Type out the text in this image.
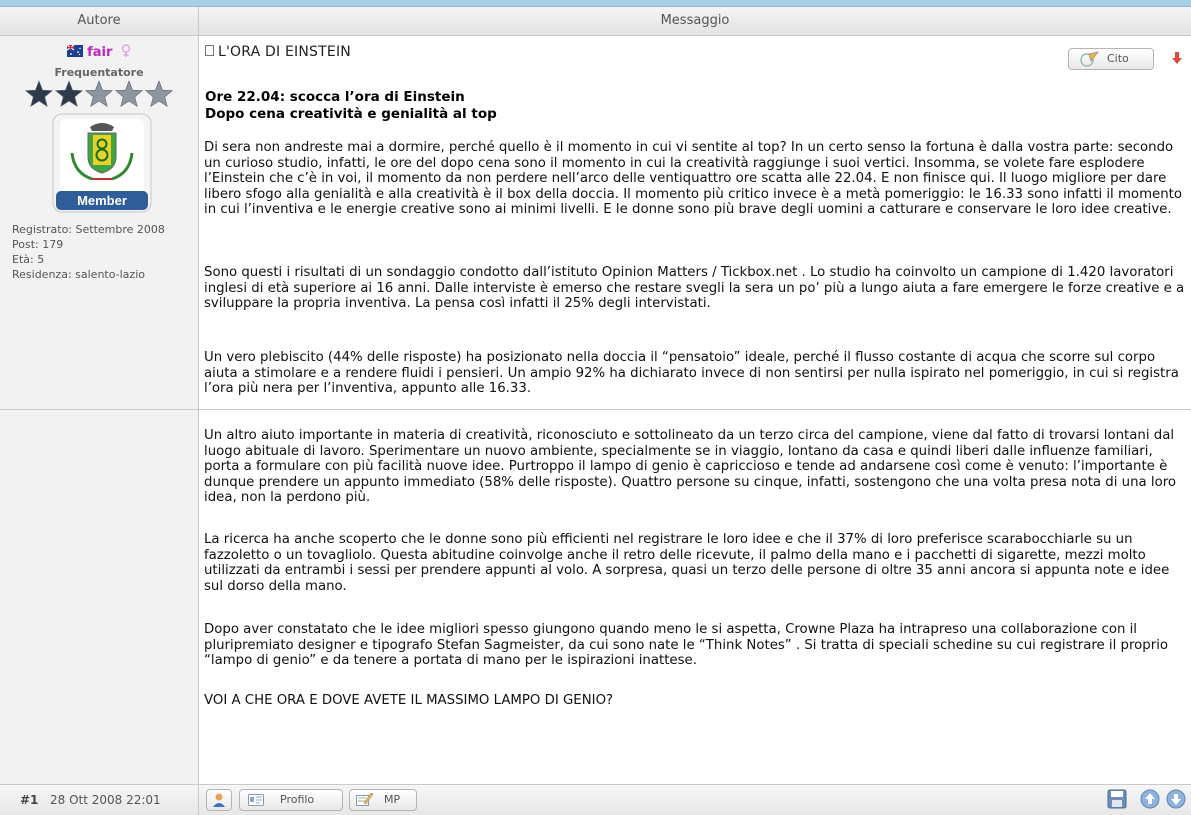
Autore	Messaggio
fair
Frequentatore
Member
Registrato: Settembre 2008
Post: 179
Età: 5
Residenza: salento-lazio
L'ORA DI EINSTEIN	Cito
Ore 22.04: scocca l’ora di Einstein
Dopo cena creatività e genialità al top
Di sera non andreste mai a dormire, perché quello è il momento in cui vi sentite al top? In un certo senso la fortuna è dalla vostra parte: secondo un curioso studio, infatti, le ore del dopo cena sono il momento in cui la creatività raggiunge i suoi vertici. Insomma, se volete fare esplodere l’Einstein che c’è in voi, il momento da non perdere nell’arco delle ventiquattro ore scatta alle 22.04. E non finisce qui. Il luogo migliore per dare libero sfogo alla genialità e alla creatività è il box della doccia. Il momento più critico invece è a metà pomeriggio: le 16.33 sono infatti il momento in cui l’inventiva e le energie creative sono ai minimi livelli. E le donne sono più brave degli uomini a catturare e conservare le loro idee creative.
Sono questi i risultati di un sondaggio condotto dall’istituto Opinion Matters / Tickbox.net . Lo studio ha coinvolto un campione di 1.420 lavoratori inglesi di età superiore ai 16 anni. Dalle interviste è emerso che restare svegli la sera un po’ più a lungo aiuta a fare emergere le forze creative e a sviluppare la propria inventiva. La pensa così infatti il 25% degli intervistati.
Un vero plebiscito (44% delle risposte) ha posizionato nella doccia il “pensatoio” ideale, perché il flusso costante di acqua che scorre sul corpo aiuta a stimolare e a rendere fluidi i pensieri. Un ampio 92% ha dichiarato invece di non sentirsi per nulla ispirato nel pomeriggio, in cui si registra l’ora più nera per l’inventiva, appunto alle 16.33.
Un altro aiuto importante in materia di creatività, riconosciuto e sottolineato da un terzo circa del campione, viene dal fatto di trovarsi lontani dal luogo abituale di lavoro. Sperimentare un nuovo ambiente, specialmente se in viaggio, lontano da casa e quindi liberi dalle influenze familiari, porta a formulare con più facilità nuove idee. Purtroppo il lampo di genio è capriccioso e tende ad andarsene così come è venuto: l’importante è dunque prendere un appunto immediato (58% delle risposte). Quattro persone su cinque, infatti, sostengono che una volta presa nota di una loro idea, non la perdono più.
La ricerca ha anche scoperto che le donne sono più efficienti nel registrare le loro idee e che il 37% di loro preferisce scarabocchiarle su un fazzoletto o un tovagliolo. Questa abitudine coinvolge anche il retro delle ricevute, il palmo della mano e i pacchetti di sigarette, mezzi molto utilizzati da entrambi i sessi per prendere appunti al volo. A sorpresa, quasi un terzo delle persone di oltre 35 anni ancora si appunta note e idee sul dorso della mano.
Dopo aver constatato che le idee migliori spesso giungono quando meno le si aspetta, Crowne Plaza ha intrapreso una collaborazione con il pluripremiato designer e tipografo Stefan Sagmeister, da cui sono nate le “Think Notes” . Si tratta di speciali schedine su cui registrare il proprio “lampo di genio” e da tenere a portata di mano per le ispirazioni inattese.
VOI A CHE ORA E DOVE AVETE IL MASSIMO LAMPO DI GENIO?
#1 28 Ott 2008 22:01	Profilo	MP
